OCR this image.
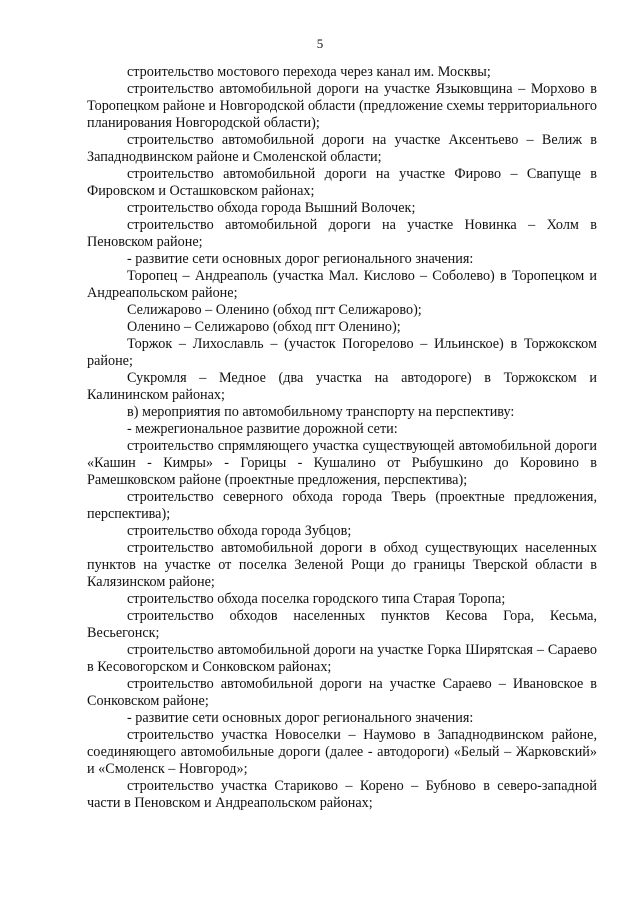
5

строительство мостового перехода через канал им. Москвы;

строительство автомобильной дороги на участке Языковщина – Морхово в Торопецком районе и Новгородской области (предложение схемы территориального планирования Новгородской области);

строительство автомобильной дороги на участке Аксентьево – Велиж в Западнодвинском районе и Смоленской области;

строительство автомобильной дороги на участке Фирово – Свапуще в Фировском и Осташковском районах;

строительство обхода города Вышний Волочек;

строительство автомобильной дороги на участке Новинка – Холм в Пеновском районе;

- развитие сети основных дорог регионального значения:

Торопец – Андреаполь (участка Мал. Кислово – Соболево) в Торопецком и Андреапольском районе;

Селижарово – Оленино (обход пгт Селижарово);

Оленино – Селижарово (обход пгт Оленино);

Торжок – Лихославль – (участок Погорелово – Ильинское) в Торжокском районе;

Сукромля – Медное (два участка на автодороге) в Торжокском и Калининском районах;

в) мероприятия по автомобильному транспорту на перспективу:

- межрегиональное развитие дорожной сети:

строительство спрямляющего участка существующей автомобильной дороги «Кашин - Кимры» - Горицы - Кушалино от Рыбушкино до Коровино в Рамешковском районе (проектные предложения, перспектива);

строительство северного обхода города Тверь (проектные предложения, перспектива);

строительство обхода города Зубцов;

строительство автомобильной дороги в обход существующих населенных пунктов на участке от поселка Зеленой Рощи до границы Тверской области в Калязинском районе;

строительство обхода поселка городского типа Старая Торопа;

строительство обходов населенных пунктов Кесова Гора, Кесьма, Весьегонск;

строительство автомобильной дороги на участке Горка Ширятская – Сараево в Кесовогорском и Сонковском районах;

строительство автомобильной дороги на участке Сараево – Ивановское в Сонковском районе;

- развитие сети основных дорог регионального значения:

строительство участка Новоселки – Наумово в Западнодвинском районе, соединяющего автомобильные дороги (далее - автодороги) «Белый – Жарковский» и «Смоленск – Новгород»;

строительство участка Стариково – Корено – Бубново в северо-западной части в Пеновском и Андреапольском районах;
